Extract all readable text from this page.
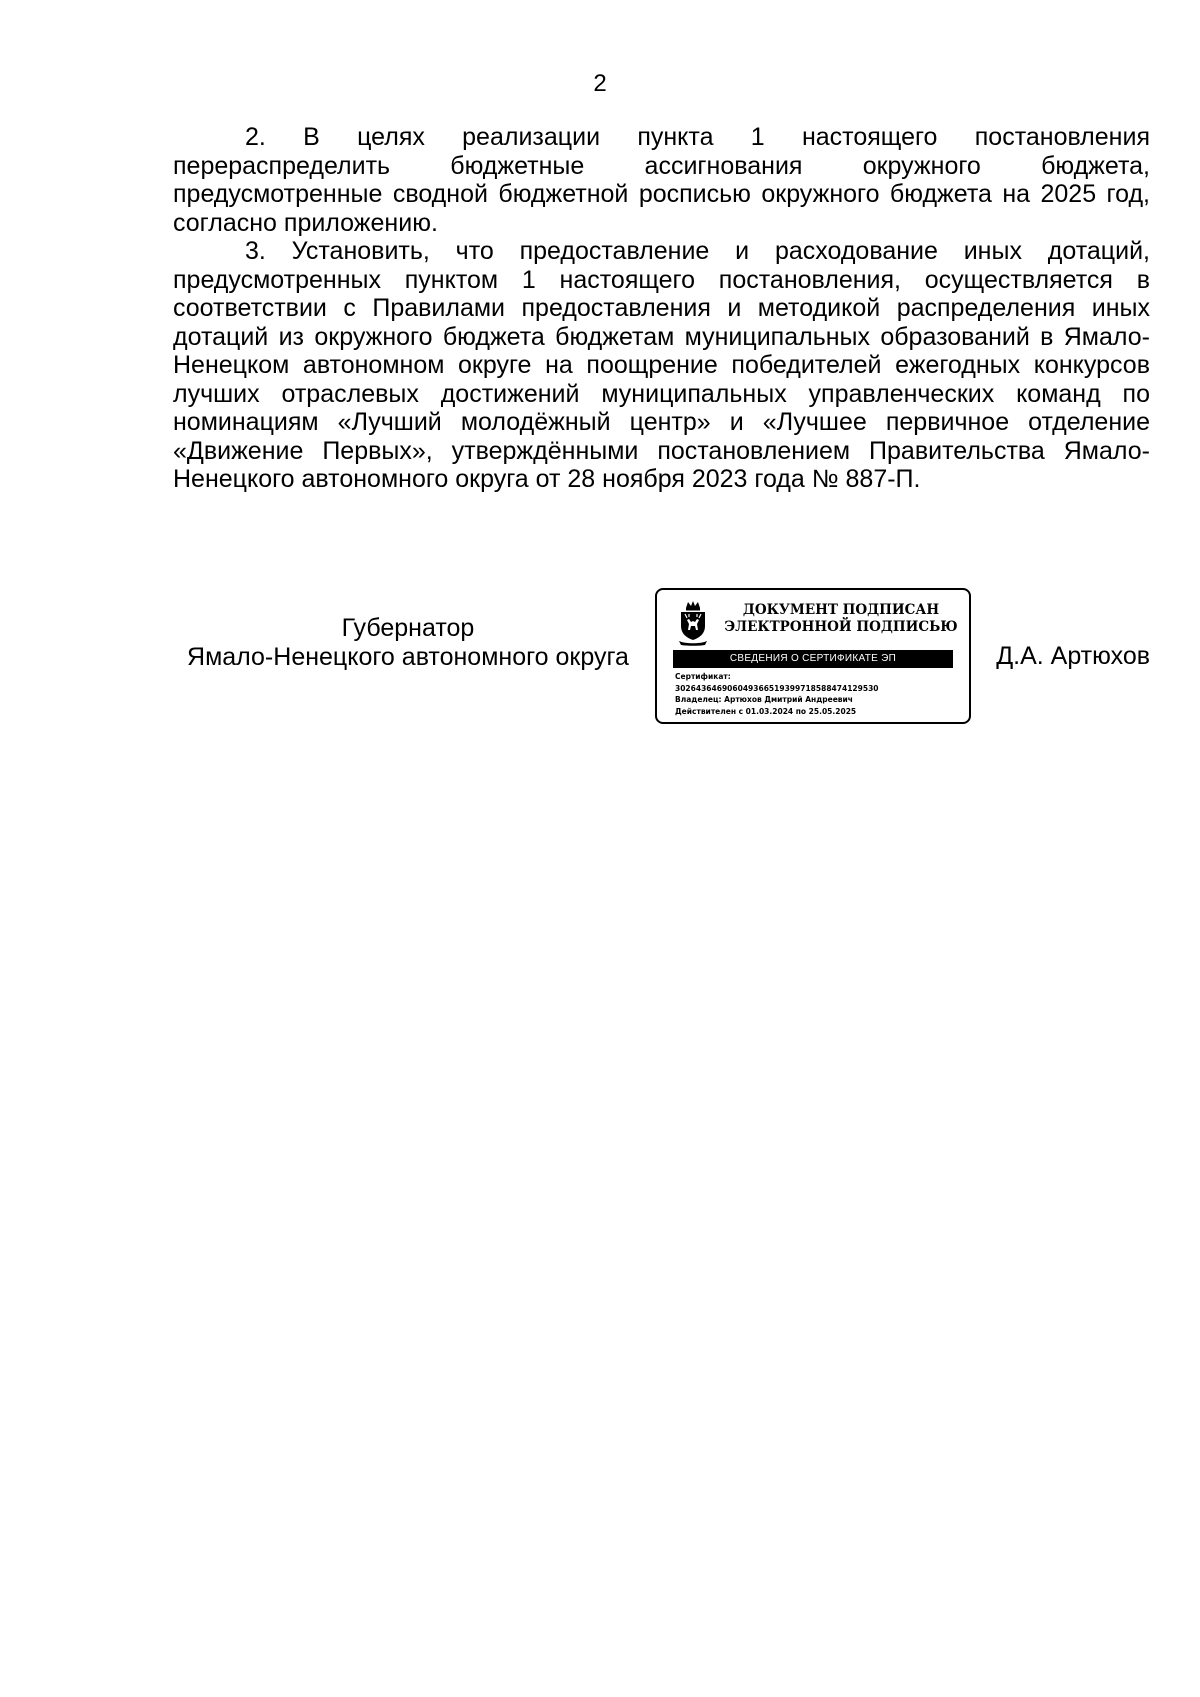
2

2. В целях реализации пункта 1 настоящего постановления перераспределить бюджетные ассигнования окружного бюджета, предусмотренные сводной бюджетной росписью окружного бюджета на 2025 год, согласно приложению.

3. Установить, что предоставление и расходование иных дотаций, предусмотренных пунктом 1 настоящего постановления, осуществляется в соответствии с Правилами предоставления и методикой распределения иных дотаций из окружного бюджета бюджетам муниципальных образований в Ямало-Ненецком автономном округе на поощрение победителей ежегодных конкурсов лучших отраслевых достижений муниципальных управленческих команд по номинациям «Лучший молодёжный центр» и «Лучшее первичное отделение «Движение Первых», утверждёнными постановлением Правительства Ямало-Ненецкого автономного округа от 28 ноября 2023 года № 887-П.

Губернатор
Ямало-Ненецкого автономного округа
ДОКУМЕНТ ПОДПИСАН
ЭЛЕКТРОННОЙ ПОДПИСЬЮ
СВЕДЕНИЯ О СЕРТИФИКАТЕ ЭП
Сертификат:
302643646906049366519399718588474129530
Владелец: Артюхов Дмитрий Андреевич
Действителен с 01.03.2024 по 25.05.2025
Д.А. Артюхов
